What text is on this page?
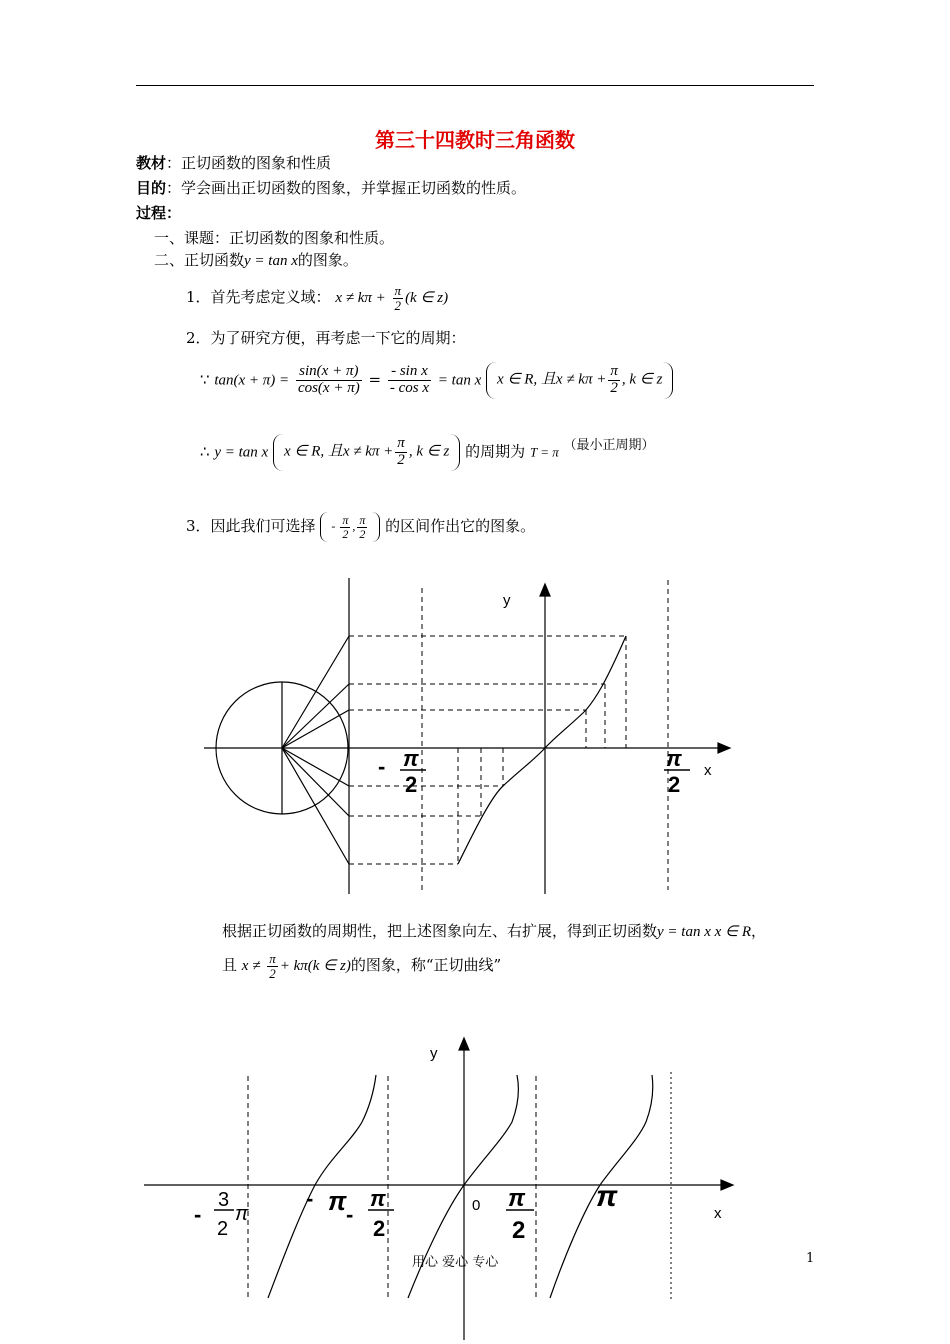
第三十四教时三角函数
教材：正切函数的图象和性质
目的：学会画出正切函数的图象，并掌握正切函数的性质。
过程：
一、课题：正切函数的图象和性质。
二、正切函数y = tan x的图象。
1．首先考虑定义域： $x \ne k\pi + \frac{\pi}{2} (k$ ∈ z)
2．为了研究方便，再考虑一下它的周期：
∵ $\tan(x + \pi) = \frac{\sin(x + \pi)}{\cos(x + \pi)} = \frac{\text{- sin x}}{\text{- cos x}} = \tan x$ x ∈ R, 且$x \ne k\pi + \frac{\pi}{2}$ , k ∈ z
∴ y = tan x x ∈ R, 且$x \ne k\pi + \frac{\pi}{2}$ , k ∈ z 的周期为 T = π （最小正周期）
3．因此我们可选择 - $\frac{\pi}{2}$ , $\frac{\pi}{2}$ 的区间作出它的图象。
y
x
- π
2
π
2
根据正切函数的周期性，把上述图象向左、右扩展，得到正切函数y = tan x x ∈ R，
且 $x \ne \frac{\pi}{2} + k\pi(k$ ∈ z)的图象，称“正切曲线”
y
x
0
-
3
2
π
- π -
π
2
π
2
π
用心 爱心 专心	1
